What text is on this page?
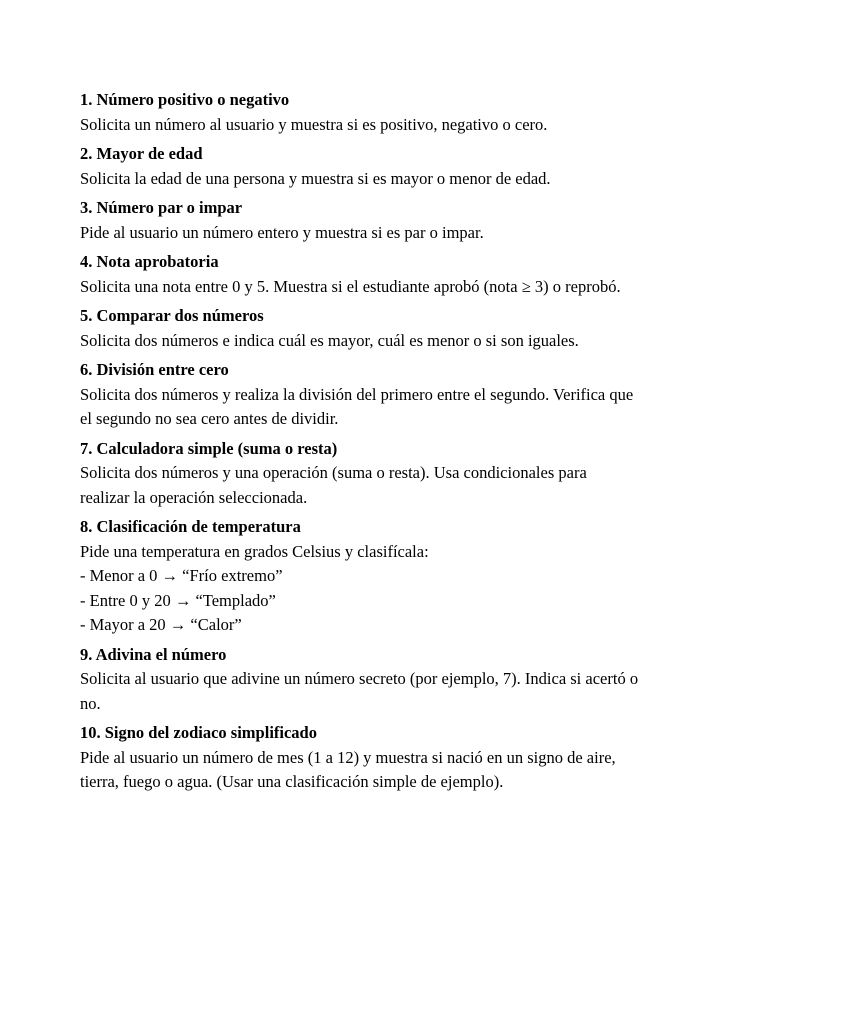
1. Número positivo o negativo
Solicita un número al usuario y muestra si es positivo, negativo o cero.
2. Mayor de edad
Solicita la edad de una persona y muestra si es mayor o menor de edad.
3. Número par o impar
Pide al usuario un número entero y muestra si es par o impar.
4. Nota aprobatoria
Solicita una nota entre 0 y 5. Muestra si el estudiante aprobó (nota ≥ 3) o reprobó.
5. Comparar dos números
Solicita dos números e indica cuál es mayor, cuál es menor o si son iguales.
6. División entre cero
Solicita dos números y realiza la división del primero entre el segundo. Verifica que
el segundo no sea cero antes de dividir.
7. Calculadora simple (suma o resta)
Solicita dos números y una operación (suma o resta). Usa condicionales para
realizar la operación seleccionada.
8. Clasificación de temperatura
Pide una temperatura en grados Celsius y clasifícala:
- Menor a 0 → “Frío extremo”
- Entre 0 y 20 → “Templado”
- Mayor a 20 → “Calor”
9. Adivina el número
Solicita al usuario que adivine un número secreto (por ejemplo, 7). Indica si acertó o
no.
10. Signo del zodiaco simplificado
Pide al usuario un número de mes (1 a 12) y muestra si nació en un signo de aire,
tierra, fuego o agua. (Usar una clasificación simple de ejemplo).
